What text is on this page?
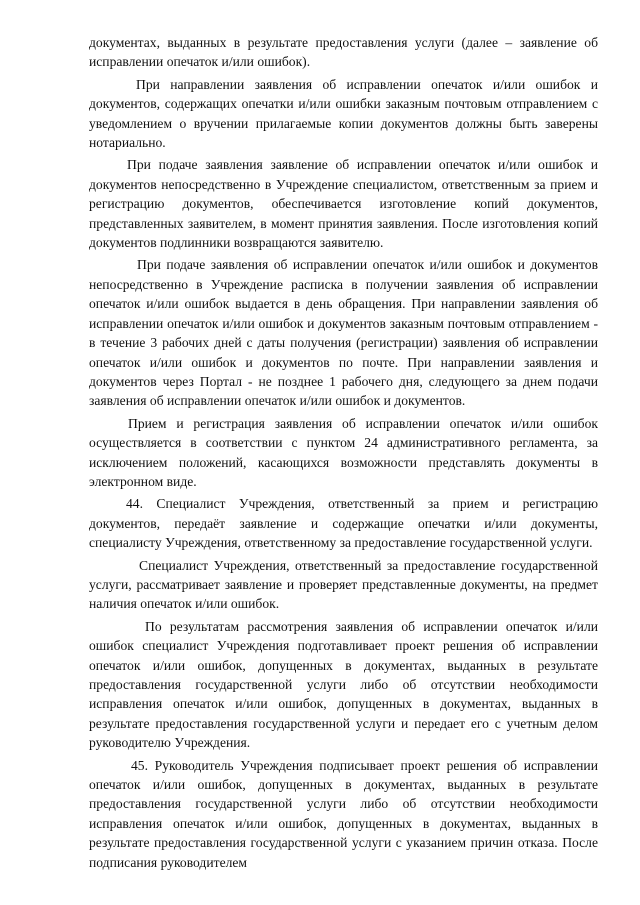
документах, выданных в результате предоставления услуги (далее – заявление об исправлении опечаток и/или ошибок).

При направлении заявления об исправлении опечаток и/или ошибок и документов, содержащих опечатки и/или ошибки заказным почтовым отправлением с уведомлением о вручении прилагаемые копии документов должны быть заверены нотариально.

При подаче заявления заявление об исправлении опечаток и/или ошибок и документов непосредственно в Учреждение специалистом, ответственным за прием и регистрацию документов, обеспечивается изготовление копий документов, представленных заявителем, в момент принятия заявления. После изготовления копий документов подлинники возвращаются заявителю.

При подаче заявления об исправлении опечаток и/или ошибок и документов непосредственно в Учреждение расписка в получении заявления об исправлении опечаток и/или ошибок выдается в день обращения. При направлении заявления об исправлении опечаток и/или ошибок и документов заказным почтовым отправлением - в течение 3 рабочих дней с даты получения (регистрации) заявления об исправлении опечаток и/или ошибок и документов по почте. При направлении заявления и документов через Портал - не позднее 1 рабочего дня, следующего за днем подачи заявления об исправлении опечаток и/или ошибок и документов.

Прием и регистрация заявления об исправлении опечаток и/или ошибок осуществляется в соответствии с пунктом 24 административного регламента, за исключением положений, касающихся возможности представлять документы в электронном виде.

44. Специалист Учреждения, ответственный за прием и регистрацию документов, передаёт заявление и содержащие опечатки и/или документы, специалисту Учреждения, ответственному за предоставление государственной услуги.

Специалист Учреждения, ответственный за предоставление государственной услуги, рассматривает заявление и проверяет представленные документы, на предмет наличия опечаток и/или ошибок.

По результатам рассмотрения заявления об исправлении опечаток и/или ошибок специалист Учреждения подготавливает проект решения об исправлении опечаток и/или ошибок, допущенных в документах, выданных в результате предоставления государственной услуги либо об отсутствии необходимости исправления опечаток и/или ошибок, допущенных в документах, выданных в результате предоставления государственной услуги и передает его с учетным делом руководителю Учреждения.

45. Руководитель Учреждения подписывает проект решения об исправлении опечаток и/или ошибок, допущенных в документах, выданных в результате предоставления государственной услуги либо об отсутствии необходимости исправления опечаток и/или ошибок, допущенных в документах, выданных в результате предоставления государственной услуги с указанием причин отказа. После подписания руководителем
